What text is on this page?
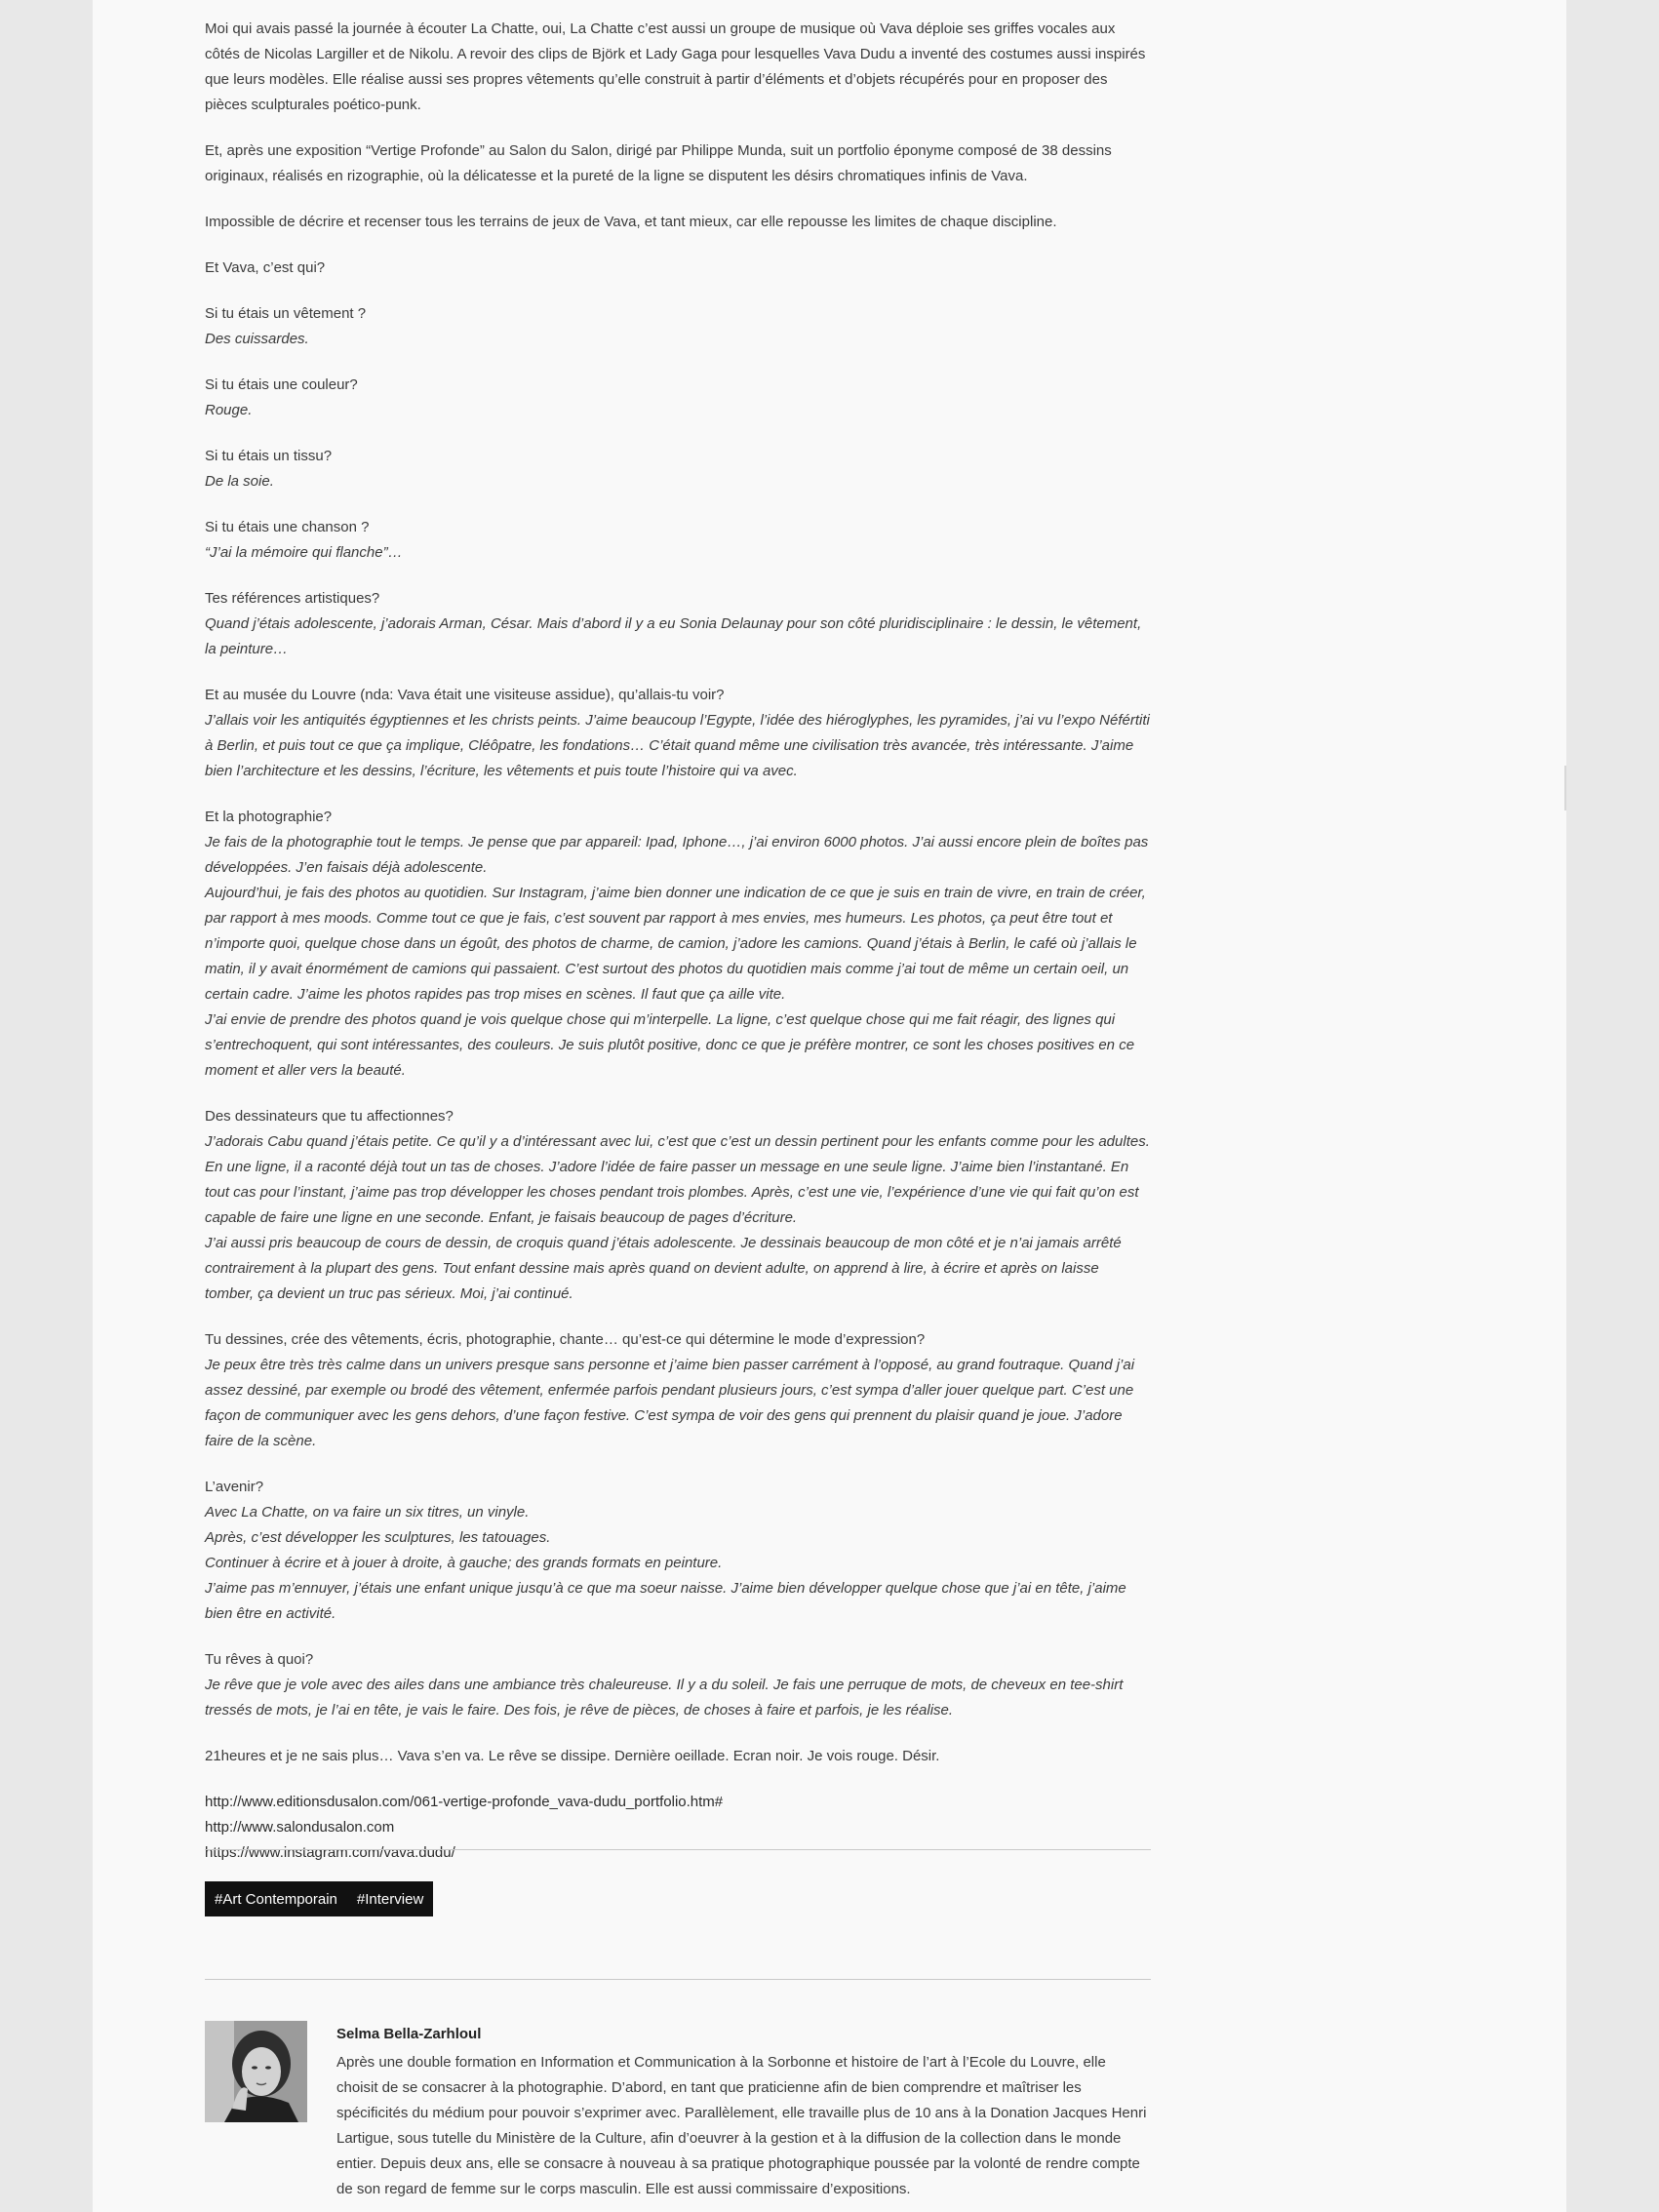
Moi qui avais passé la journée à écouter La Chatte, oui, La Chatte c’est aussi un groupe de musique où Vava déploie ses griffes vocales aux côtés de Nicolas Largiller et de Nikolu. A revoir des clips de Björk et Lady Gaga pour lesquelles Vava Dudu a inventé des costumes aussi inspirés que leurs modèles. Elle réalise aussi ses propres vêtements qu’elle construit à partir d’éléments et d’objets récupérés pour en proposer des pièces sculpturales poético-punk.

Et, après une exposition “Vertige Profonde” au Salon du Salon, dirigé par Philippe Munda, suit un portfolio éponyme composé de 38 dessins originaux, réalisés en rizographie, où la délicatesse et la pureté de la ligne se disputent les désirs chromatiques infinis de Vava.

Impossible de décrire et recenser tous les terrains de jeux de Vava, et tant mieux, car elle repousse les limites de chaque discipline.

Et Vava, c’est qui?

Si tu étais un vêtement ?

Des cuissardes.

Si tu étais une couleur?

Rouge.

Si tu étais un tissu?

De la soie.

Si tu étais une chanson ?

“J’ai la mémoire qui flanche”…

Tes références artistiques?

Quand j’étais adolescente, j’adorais Arman, César. Mais d’abord il y a eu Sonia Delaunay pour son côté pluridisciplinaire : le dessin, le vêtement, la peinture…

Et au musée du Louvre (nda: Vava était une visiteuse assidue), qu’allais-tu voir?

J’allais voir les antiquités égyptiennes et les christs peints. J’aime beaucoup l’Egypte, l’idée des hiéroglyphes, les pyramides, j’ai vu l’expo Néfértiti à Berlin, et puis tout ce que ça implique, Cléôpatre, les fondations… C’était quand même une civilisation très avancée, très intéressante. J’aime bien l’architecture et les dessins, l’écriture, les vêtements et puis toute l’histoire qui va avec.

Et la photographie?

Je fais de la photographie tout le temps. Je pense que par appareil: Ipad, Iphone…, j’ai environ 6000 photos. J’ai aussi encore plein de boîtes pas développées. J’en faisais déjà adolescente.
Aujourd’hui, je fais des photos au quotidien. Sur Instagram, j’aime bien donner une indication de ce que je suis en train de vivre, en train de créer, par rapport à mes moods. Comme tout ce que je fais, c’est souvent par rapport à mes envies, mes humeurs. Les photos, ça peut être tout et n’importe quoi, quelque chose dans un égoût, des photos de charme, de camion, j’adore les camions. Quand j’étais à Berlin, le café où j’allais le matin, il y avait énormément de camions qui passaient. C’est surtout des photos du quotidien mais comme j’ai tout de même un certain oeil, un certain cadre. J’aime les photos rapides pas trop mises en scènes. Il faut que ça aille vite.
J’ai envie de prendre des photos quand je vois quelque chose qui m’interpelle. La ligne, c’est quelque chose qui me fait réagir, des lignes qui s’entrechoquent, qui sont intéressantes, des couleurs. Je suis plutôt positive, donc ce que je préfère montrer, ce sont les choses positives en ce moment et aller vers la beauté.

Des dessinateurs que tu affectionnes?

J’adorais Cabu quand j’étais petite. Ce qu’il y a d’intéressant avec lui, c’est que c’est un dessin pertinent pour les enfants comme pour les adultes. En une ligne, il a raconté déjà tout un tas de choses. J’adore l’idée de faire passer un message en une seule ligne. J’aime bien l’instantané. En tout cas pour l’instant, j’aime pas trop développer les choses pendant trois plombes. Après, c’est une vie, l’expérience d’une vie qui fait qu’on est capable de faire une ligne en une seconde. Enfant, je faisais beaucoup de pages d’écriture.
J’ai aussi pris beaucoup de cours de dessin, de croquis quand j’étais adolescente. Je dessinais beaucoup de mon côté et je n’ai jamais arrêté contrairement à la plupart des gens. Tout enfant dessine mais après quand on devient adulte, on apprend à lire, à écrire et après on laisse tomber, ça devient un truc pas sérieux. Moi, j’ai continué.

Tu dessines, crée des vêtements, écris, photographie, chante… qu’est-ce qui détermine le mode d’expression?

Je peux être très très calme dans un univers presque sans personne et j’aime bien passer carrément à l’opposé, au grand foutraque. Quand j’ai assez dessiné, par exemple ou brodé des vêtement, enfermée parfois pendant plusieurs jours, c’est sympa d’aller jouer quelque part. C’est une façon de communiquer avec les gens dehors, d’une façon festive. C’est sympa de voir des gens qui prennent du plaisir quand je joue. J’adore faire de la scène.

L’avenir?

Avec La Chatte, on va faire un six titres, un vinyle.
Après, c’est développer les sculptures, les tatouages.
Continuer à écrire et à jouer à droite, à gauche; des grands formats en peinture.
J’aime pas m’ennuyer, j’étais une enfant unique jusqu’à ce que ma soeur naisse. J’aime bien développer quelque chose que j’ai en tête, j’aime bien être en activité.

Tu rêves à quoi?

Je rêve que je vole avec des ailes dans une ambiance très chaleureuse. Il y a du soleil. Je fais une perruque de mots, de cheveux en tee-shirt tressés de mots, je l’ai en tête, je vais le faire. Des fois, je rêve de pièces, de choses à faire et parfois, je les réalise.

21heures et je ne sais plus… Vava s’en va. Le rêve se dissipe. Dernière oeillade. Ecran noir. Je vois rouge. Désir.

http://www.editionsdusalon.com/061-vertige-profonde_vava-dudu_portfolio.htm#
http://www.salondusalon.com
https://www.instagram.com/vava.dudu/

#Art Contemporain #Interview
Selma Bella-Zarhloul

Après une double formation en Information et Communication à la Sorbonne et histoire de l’art à l’Ecole du Louvre, elle choisit de se consacrer à la photographie. D’abord, en tant que praticienne afin de bien comprendre et maîtriser les spécificités du médium pour pouvoir s’exprimer avec. Parallèlement, elle travaille plus de 10 ans à la Donation Jacques Henri Lartigue, sous tutelle du Ministère de la Culture, afin d’oeuvrer à la gestion et à la diffusion de la collection dans le monde entier. Depuis deux ans, elle se consacre à nouveau à sa pratique photographique poussée par la volonté de rendre compte de son regard de femme sur le corps masculin. Elle est aussi commissaire d’expositions.
